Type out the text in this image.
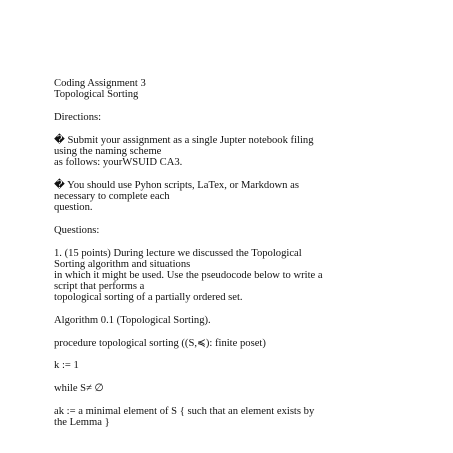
Coding Assignment 3
Topological Sorting
Directions:
� Submit your assignment as a single Jupter notebook filing
using the naming scheme
as follows: yourWSUID CA3.
� You should use Pyhon scripts, LaTex, or Markdown as
necessary to complete each
question.
Questions:
1. (15 points) During lecture we discussed the Topological
Sorting algorithm and situations
in which it might be used. Use the pseudocode below to write a
script that performs a
topological sorting of a partially ordered set.
Algorithm 0.1 (Topological Sorting).
procedure topological sorting ((S,≼): finite poset)
k := 1
while S≠ ∅
ak := a minimal element of S { such that an element exists by
the Lemma }
